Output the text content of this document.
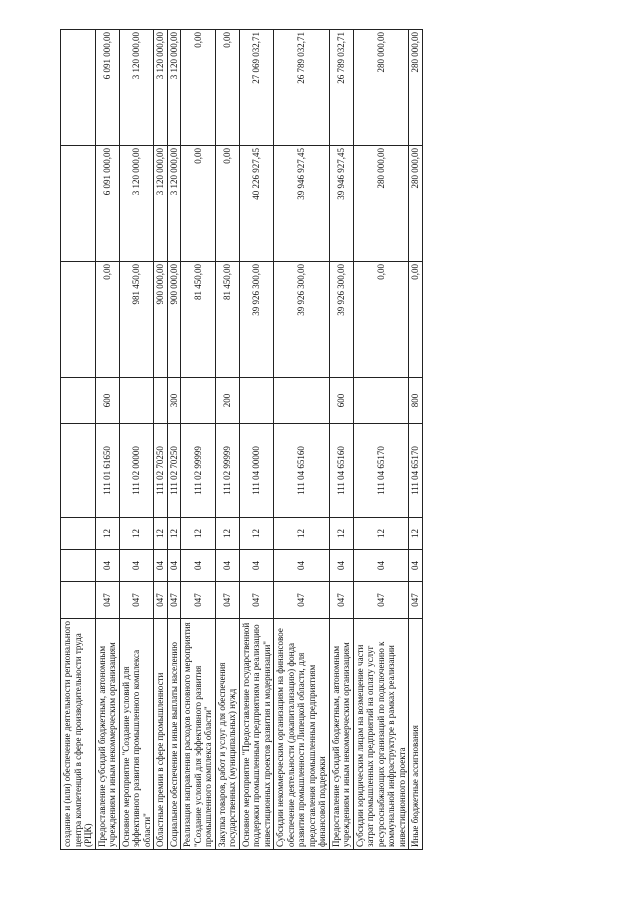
создание и (или) обеспечение деятельности регионального центра компетенций в сфере производительности труда (РЦК)								
Предоставление субсидий бюджетным, автономным учреждениям и иным некоммерческим организациям	047	04	12	111 01 61650	600	0,00	6 091 000,00	6 091 000,00
Основное мероприятие "Создание условий для эффективного развития промышленного комплекса области"	047	04	12	111 02 00000		981 450,00	3 120 000,00	3 120 000,00
Областные премии в сфере промышленности	047	04	12	111 02 70250		900 000,00	3 120 000,00	3 120 000,00
Социальное обеспечение и иные выплаты населению	047	04	12	111 02 70250	300	900 000,00	3 120 000,00	3 120 000,00
Реализация направления расходов основного мероприятия "Создание условий для эффективного развития промышленного комплекса области"	047	04	12	111 02 99999		81 450,00	0,00	0,00
Закупка товаров, работ и услуг для обеспечения государственных (муниципальных) нужд	047	04	12	111 02 99999	200	81 450,00	0,00	0,00
Основное мероприятие "Предоставление государственной поддержки промышленным предприятиям на реализацию инвестиционных проектов развития и модернизации"	047	04	12	111 04 00000		39 926 300,00	40 226 927,45	27 069 032,71
Субсидии некоммерческим организациям на финансовое обеспечение деятельности (докапитализацию) фонда развития промышленности Липецкой области, для предоставления промышленным предприятиям финансовой поддержки	047	04	12	111 04 65160		39 926 300,00	39 946 927,45	26 789 032,71
Предоставление субсидий бюджетным, автономным учреждениям и иным некоммерческим организациям	047	04	12	111 04 65160	600	39 926 300,00	39 946 927,45	26 789 032,71
Субсидии юридическим лицам на возмещение части затрат промышленных предприятий на оплату услуг ресурсоснабжающих организаций по подключению к коммунальной инфраструктуре в рамках реализации инвестиционного проекта	047	04	12	111 04 65170		0,00	280 000,00	280 000,00
Иные бюджетные ассигнования	047	04	12	111 04 65170	800	0,00	280 000,00	280 000,00
